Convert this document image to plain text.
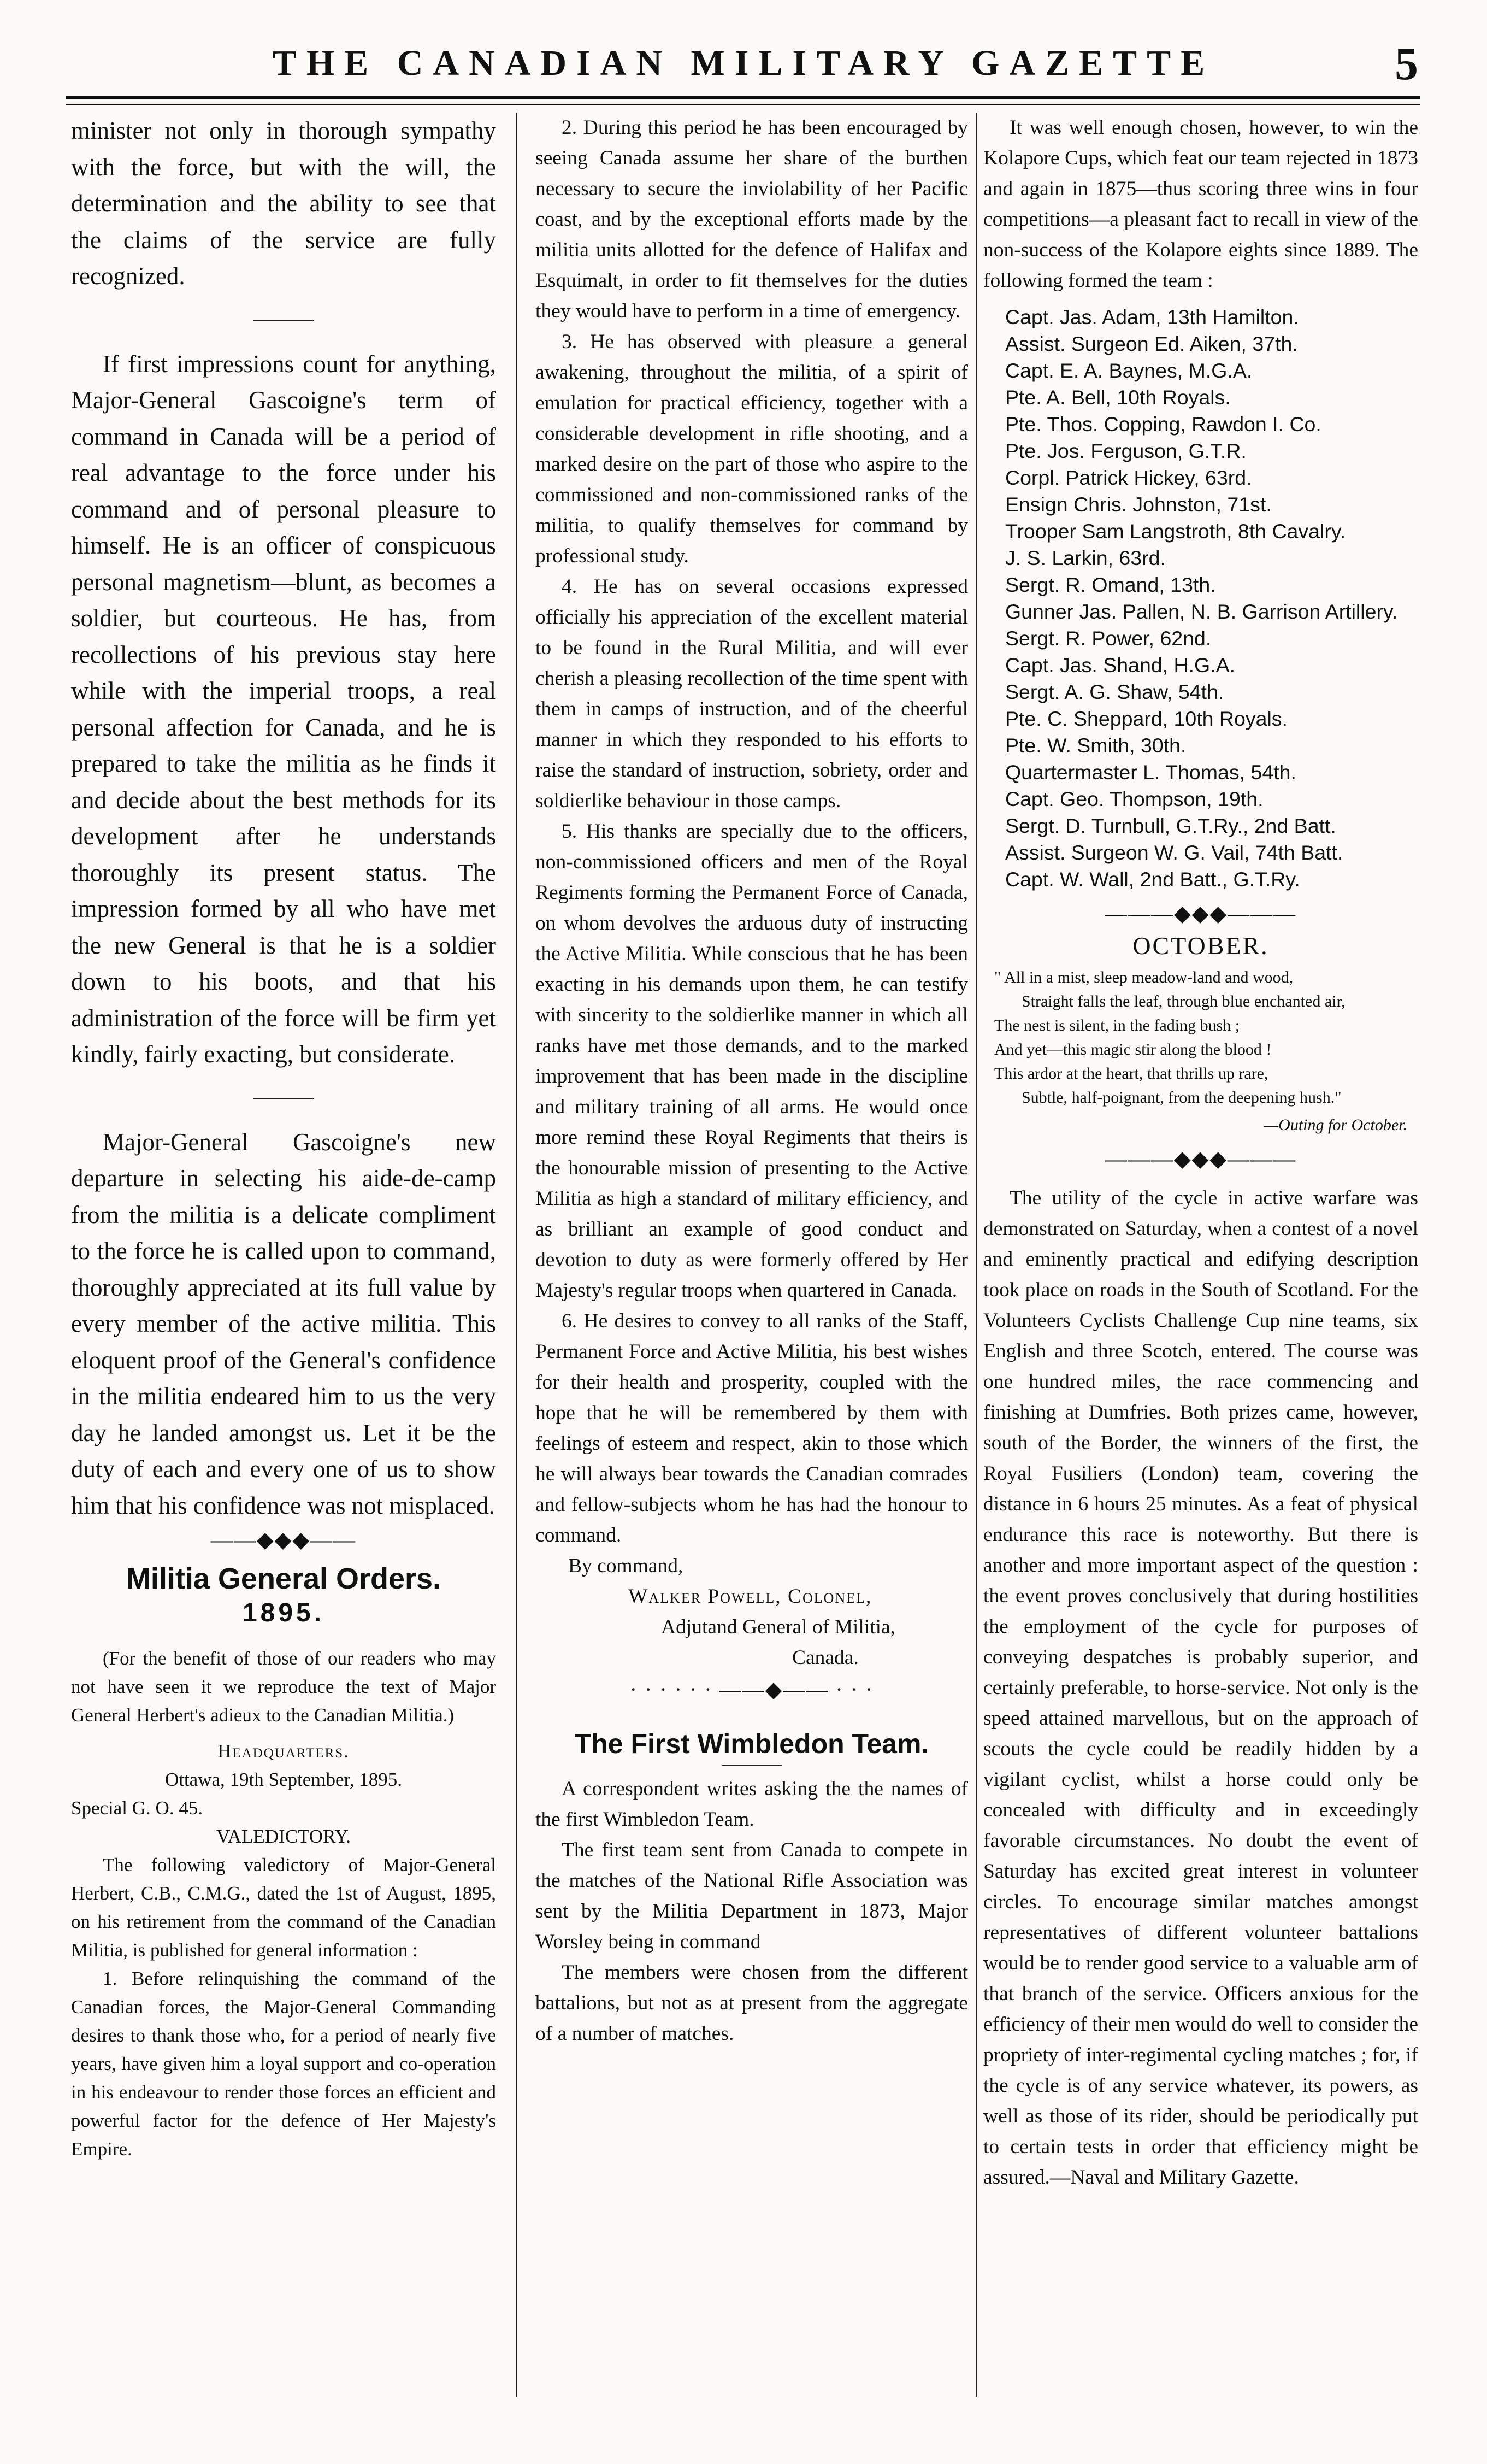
THE CANADIAN MILITARY GAZETTE	5

minister not only in thorough sympathy with the force, but with the will, the determination and the ability to see that the claims of the service are fully recognized.

If first impressions count for anything, Major-General Gascoigne's term of command in Canada will be a period of real advantage to the force under his command and of personal pleasure to himself. He is an officer of conspicuous personal magnetism—blunt, as becomes a soldier, but courteous. He has, from recollections of his previous stay here while with the imperial troops, a real personal affection for Canada, and he is prepared to take the militia as he finds it and decide about the best methods for its development after he understands thoroughly its present status. The impression formed by all who have met the new General is that he is a soldier down to his boots, and that his administration of the force will be firm yet kindly, fairly exacting, but considerate.

Major-General Gascoigne's new departure in selecting his aide-de-camp from the militia is a delicate compliment to the force he is called upon to command, thoroughly appreciated at its full value by every member of the active militia. This eloquent proof of the General's confidence in the militia endeared him to us the very day he landed amongst us. Let it be the duty of each and every one of us to show him that his confidence was not misplaced.

——◆◆◆——
Militia General Orders.
1895.

(For the benefit of those of our readers who may not have seen it we reproduce the text of Major General Herbert's adieux to the Canadian Militia.)

Headquarters.

Ottawa, 19th September, 1895.

Special G. O. 45.

VALEDICTORY.

The following valedictory of Major-General Herbert, C.B., C.M.G., dated the 1st of August, 1895, on his retirement from the command of the Canadian Militia, is published for general information :

1. Before relinquishing the command of the Canadian forces, the Major-General Commanding desires to thank those who, for a period of nearly five years, have given him a loyal support and co-operation in his endeavour to render those forces an efficient and powerful factor for the defence of Her Majesty's Empire.

2. During this period he has been encouraged by seeing Canada assume her share of the burthen necessary to secure the inviolability of her Pacific coast, and by the exceptional efforts made by the militia units allotted for the defence of Halifax and Esquimalt, in order to fit themselves for the duties they would have to perform in a time of emergency.

3. He has observed with pleasure a general awakening, throughout the militia, of a spirit of emulation for practical efficiency, together with a considerable development in rifle shooting, and a marked desire on the part of those who aspire to the commissioned and non-commissioned ranks of the militia, to qualify themselves for command by professional study.

4. He has on several occasions expressed officially his appreciation of the excellent material to be found in the Rural Militia, and will ever cherish a pleasing recollection of the time spent with them in camps of instruction, and of the cheerful manner in which they responded to his efforts to raise the standard of instruction, sobriety, order and soldierlike behaviour in those camps.

5. His thanks are specially due to the officers, non-commissioned officers and men of the Royal Regiments forming the Permanent Force of Canada, on whom devolves the arduous duty of instructing the Active Militia. While conscious that he has been exacting in his demands upon them, he can testify with sincerity to the soldierlike manner in which all ranks have met those demands, and to the marked improvement that has been made in the discipline and military training of all arms. He would once more remind these Royal Regiments that theirs is the honourable mission of presenting to the Active Militia as high a standard of military efficiency, and as brilliant an example of good conduct and devotion to duty as were formerly offered by Her Majesty's regular troops when quartered in Canada.

6. He desires to convey to all ranks of the Staff, Permanent Force and Active Militia, his best wishes for their health and prosperity, coupled with the hope that he will be remembered by them with feelings of esteem and respect, akin to those which he will always bear towards the Canadian comrades and fellow-subjects whom he has had the honour to command.

By command,

Walker Powell, Colonel,

Adjutand General of Militia,

Canada.

· · · · · · ——◆—— · · ·
The First Wimbledon Team.

A correspondent writes asking the the names of the first Wimbledon Team.

The first team sent from Canada to compete in the matches of the National Rifle Association was sent by the Militia Department in 1873, Major Worsley being in command

The members were chosen from the different battalions, but not as at present from the aggregate of a number of matches.

It was well enough chosen, however, to win the Kolapore Cups, which feat our team rejected in 1873 and again in 1875—thus scoring three wins in four competitions—a pleasant fact to recall in view of the non-success of the Kolapore eights since 1889. The following formed the team :

Capt. Jas. Adam, 13th Hamilton.
Assist. Surgeon Ed. Aiken, 37th.
Capt. E. A. Baynes, M.G.A.
Pte. A. Bell, 10th Royals.
Pte. Thos. Copping, Rawdon I. Co.
Pte. Jos. Ferguson, G.T.R.
Corpl. Patrick Hickey, 63rd.
Ensign Chris. Johnston, 71st.
Trooper Sam Langstroth, 8th Cavalry.
J. S. Larkin, 63rd.
Sergt. R. Omand, 13th.
Gunner Jas. Pallen, N. B. Garrison Artillery.
Sergt. R. Power, 62nd.
Capt. Jas. Shand, H.G.A.
Sergt. A. G. Shaw, 54th.
Pte. C. Sheppard, 10th Royals.
Pte. W. Smith, 30th.
Quartermaster L. Thomas, 54th.
Capt. Geo. Thompson, 19th.
Sergt. D. Turnbull, G.T.Ry., 2nd Batt.
Assist. Surgeon W. G. Vail, 74th Batt.
Capt. W. Wall, 2nd Batt., G.T.Ry.
———◆◆◆———
OCTOBER.

" All in a mist, sleep meadow-land and wood,

Straight falls the leaf, through blue enchanted air,

The nest is silent, in the fading bush ;

And yet—this magic stir along the blood !

This ardor at the heart, that thrills up rare,

Subtle, half-poignant, from the deepening hush."

—Outing for October.

———◆◆◆———

The utility of the cycle in active warfare was demonstrated on Saturday, when a contest of a novel and eminently practical and edifying description took place on roads in the South of Scotland. For the Volunteers Cyclists Challenge Cup nine teams, six English and three Scotch, entered. The course was one hundred miles, the race commencing and finishing at Dumfries. Both prizes came, however, south of the Border, the winners of the first, the Royal Fusiliers (London) team, covering the distance in 6 hours 25 minutes. As a feat of physical endurance this race is noteworthy. But there is another and more important aspect of the question : the event proves conclusively that during hostilities the employment of the cycle for purposes of conveying despatches is probably superior, and certainly preferable, to horse-service. Not only is the speed attained marvellous, but on the approach of scouts the cycle could be readily hidden by a vigilant cyclist, whilst a horse could only be concealed with difficulty and in exceedingly favorable circumstances. No doubt the event of Saturday has excited great interest in volunteer circles. To encourage similar matches amongst representatives of different volunteer battalions would be to render good service to a valuable arm of that branch of the service. Officers anxious for the efficiency of their men would do well to consider the propriety of inter-regimental cycling matches ; for, if the cycle is of any service whatever, its powers, as well as those of its rider, should be periodically put to certain tests in order that efficiency might be assured.—Naval and Military Gazette.
